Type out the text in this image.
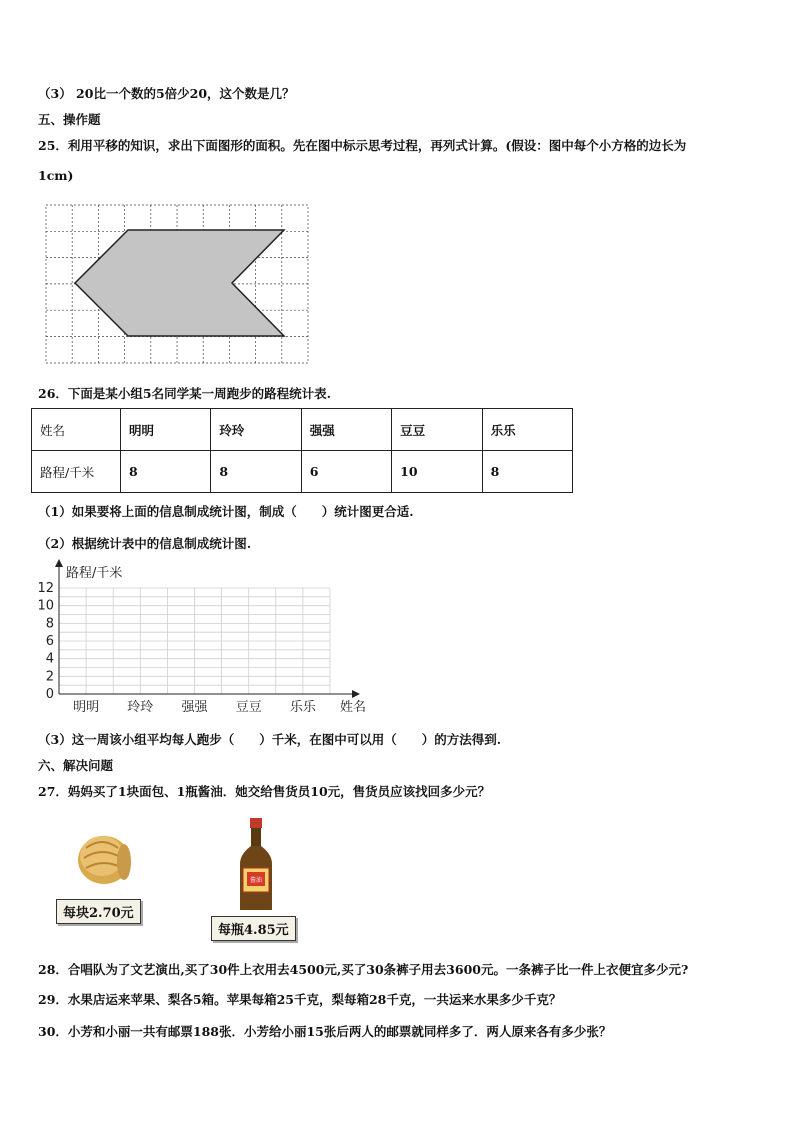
（3） 20比一个数的5倍少20，这个数是几？
五、操作题
25．利用平移的知识，求出下面图形的面积。先在图中标示思考过程，再列式计算。(假设：图中每个小方格的边长为
1cm)
26．下面是某小组5名同学某一周跑步的路程统计表.
姓名	明明	玲玲	强强	豆豆	乐乐
路程/千米	8	8	6	10	8
（1）如果要将上面的信息制成统计图，制成（　　）统计图更合适.
（2）根据统计表中的信息制成统计图.
路程/千米
姓名
0
2
4
6
8
10
12
明明 玲玲 强强 豆豆 乐乐
（3）这一周该小组平均每人跑步（　　）千米，在图中可以用（　　）的方法得到.
六、解决问题
27．妈妈买了1块面包、1瓶酱油．她交给售货员10元，售货员应该找回多少元？
每块2.70元
酱油
每瓶4.85元
28．合唱队为了文艺演出,买了30件上衣用去4500元,买了30条裤子用去3600元。一条裤子比一件上衣便宜多少元?
29．水果店运来苹果、梨各5箱。苹果每箱25千克，梨每箱28千克，一共运来水果多少千克？
30．小芳和小丽一共有邮票188张．小芳给小丽15张后两人的邮票就同样多了．两人原来各有多少张？
